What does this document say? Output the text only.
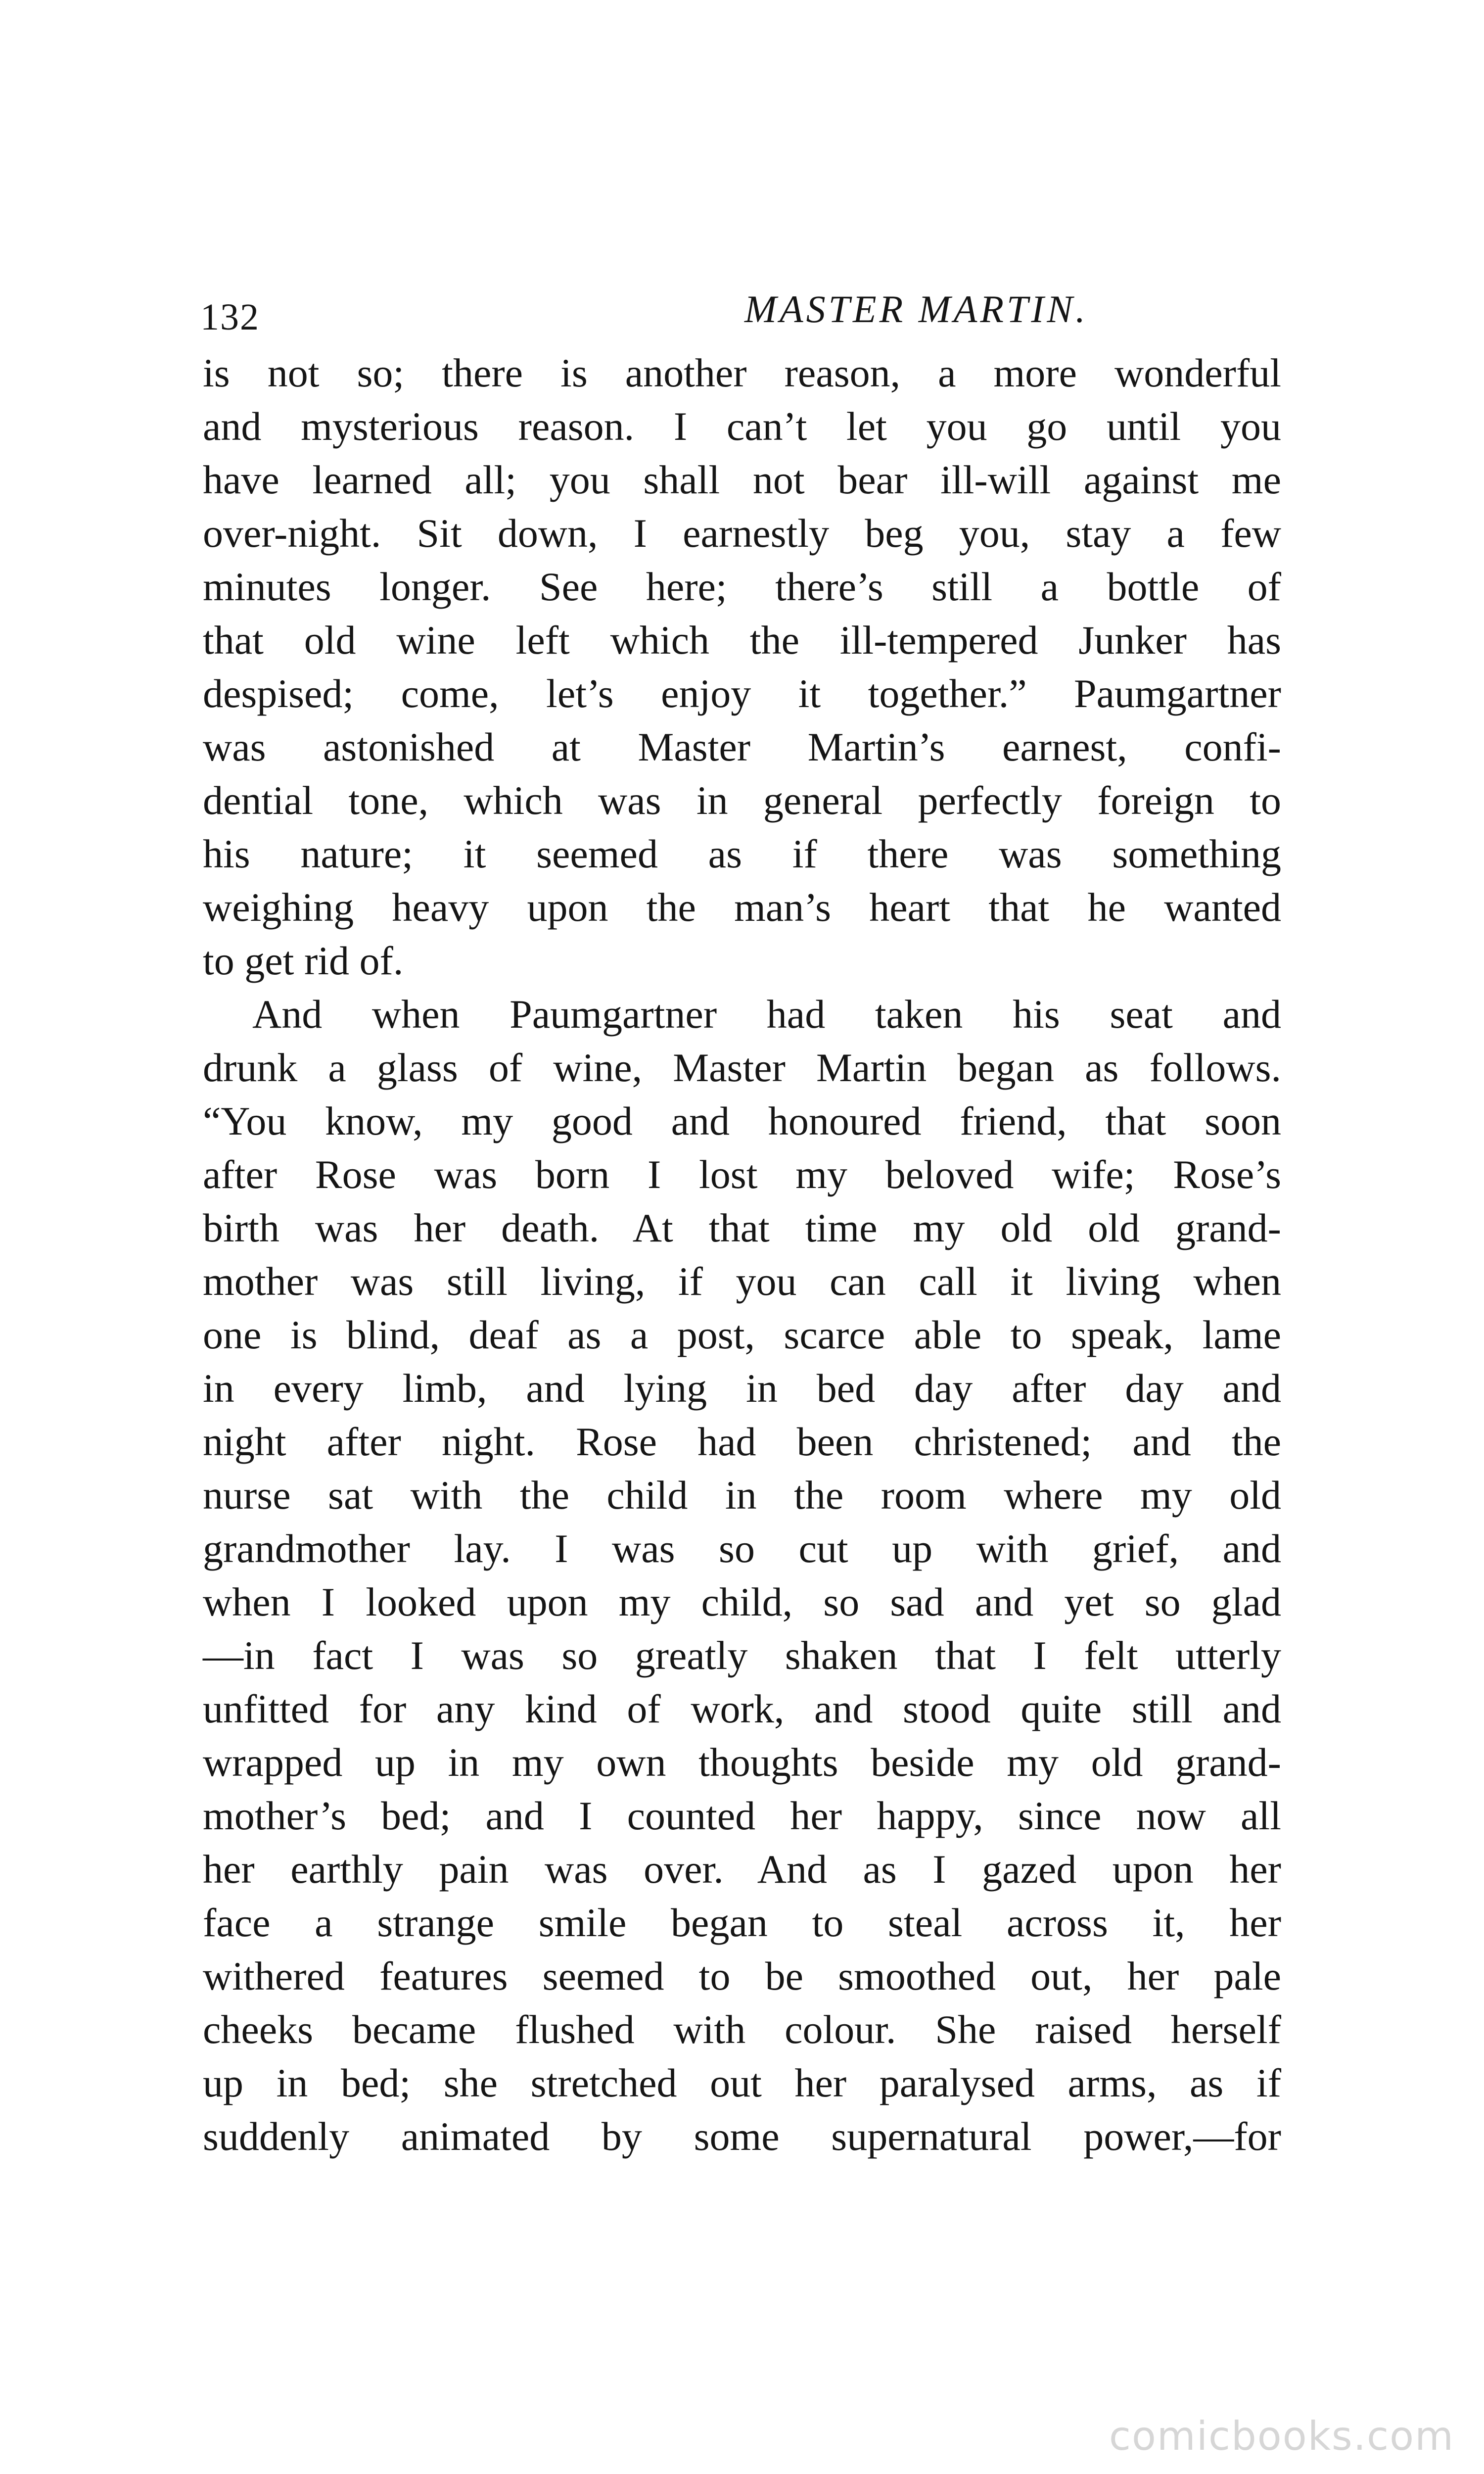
132	MASTER MARTIN.
is not so; there is another reason, a more wonderful
and mysterious reason. I can’t let you go until you
have learned all; you shall not bear ill-will against me
over-night. Sit down, I earnestly beg you, stay a few
minutes longer. See here; there’s still a bottle of
that old wine left which the ill-tempered Junker has
despised; come, let’s enjoy it together.” Paumgartner
was astonished at Master Martin’s earnest, confi-
dential tone, which was in general perfectly foreign to
his nature; it seemed as if there was something
weighing heavy upon the man’s heart that he wanted
to get rid of.
And when Paumgartner had taken his seat and
drunk a glass of wine, Master Martin began as follows.
“You know, my good and honoured friend, that soon
after Rose was born I lost my beloved wife; Rose’s
birth was her death. At that time my old old grand-
mother was still living, if you can call it living when
one is blind, deaf as a post, scarce able to speak, lame
in every limb, and lying in bed day after day and
night after night. Rose had been christened; and the
nurse sat with the child in the room where my old
grandmother lay. I was so cut up with grief, and
when I looked upon my child, so sad and yet so glad
—in fact I was so greatly shaken that I felt utterly
unfitted for any kind of work, and stood quite still and
wrapped up in my own thoughts beside my old grand-
mother’s bed; and I counted her happy, since now all
her earthly pain was over. And as I gazed upon her
face a strange smile began to steal across it, her
withered features seemed to be smoothed out, her pale
cheeks became flushed with colour. She raised herself
up in bed; she stretched out her paralysed arms, as if
suddenly animated by some supernatural power,—for
comicbooks.com
